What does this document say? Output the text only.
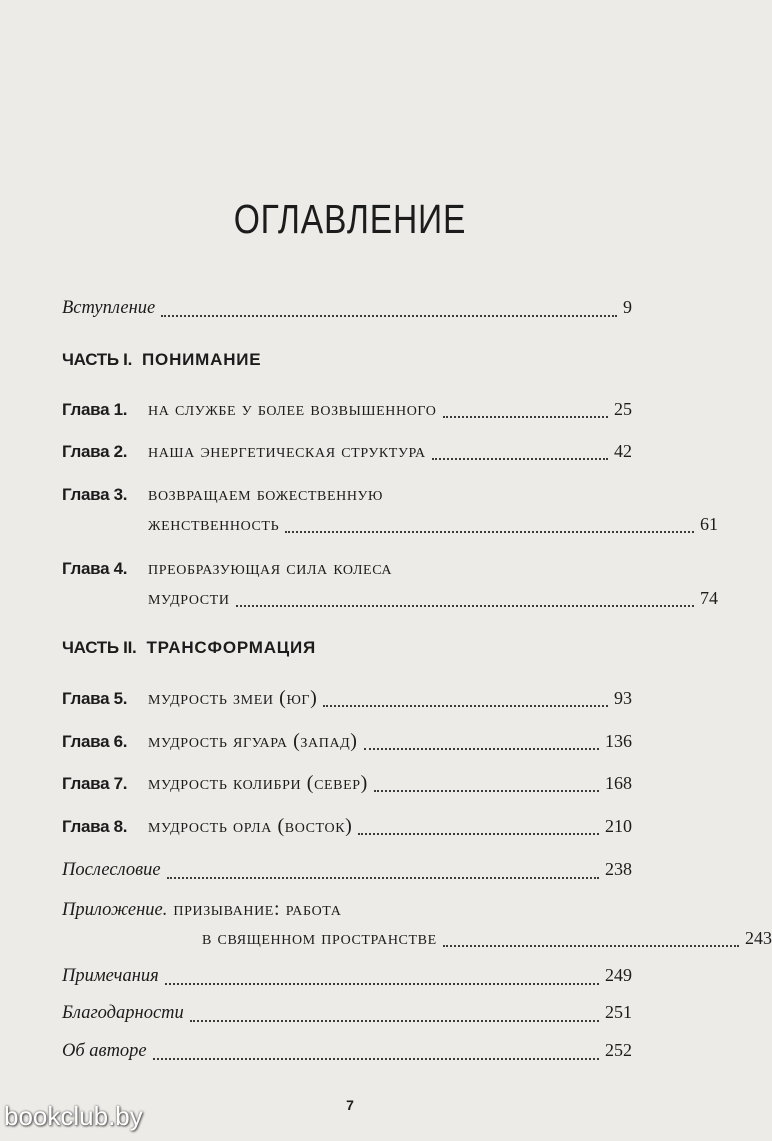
ОГЛАВЛЕНИЕ
Вступление	9
ЧАСТЬ I. ПОНИМАНИЕ
Глава 1.	на службе у более возвышенного	25
Глава 2.	наша энергетическая структура	42
Глава 3.	возвращаем божественную
женственность	61
Глава 4.	преобразующая сила колеса
мудрости	74
ЧАСТЬ II. ТРАНСФОРМАЦИЯ
Глава 5.	мудрость змеи (юг)	93
Глава 6.	мудрость ягуара (запад)	136
Глава 7.	мудрость колибри (север)	168
Глава 8.	мудрость орла (восток)	210
Послесловие	238
Приложение. призывание: работа
в священном пространстве	243
Примечания	249
Благодарности	251
Об авторе	252
7
bookclub.by
